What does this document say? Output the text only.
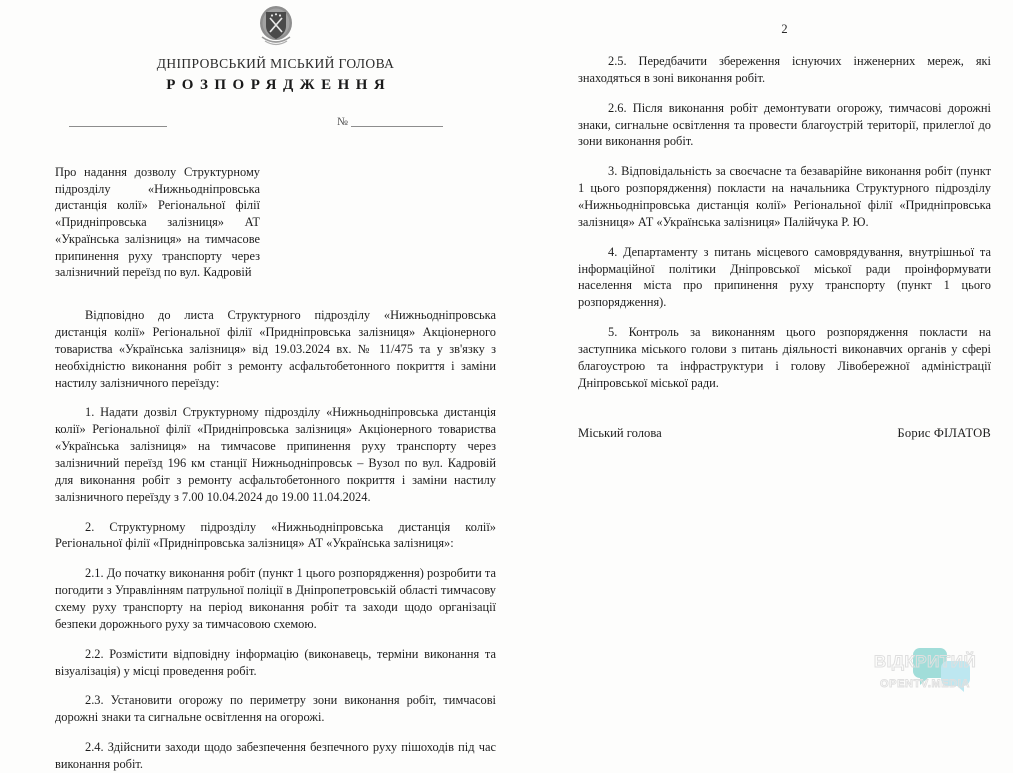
ДНІПРОВСЬКИЙ МІСЬКИЙ ГОЛОВА
РОЗПОРЯДЖЕННЯ
№
Про надання дозволу Структурному підрозділу «Нижньодніпровська дистанція колії» Регіональної філії «Придніпровська залізниця» АТ «Українська залізниця» на тимчасове припинення руху транспорту через залізничний переїзд по вул. Кадровій

Відповідно до листа Структурного підрозділу «Нижньодніпровська дистанція колії» Регіональної філії «Придніпровська залізниця» Акціонерного товариства «Українська залізниця» від 19.03.2024 вх. № 11/475 та у зв'язку з необхідністю виконання робіт з ремонту асфальтобетонного покриття і заміни настилу залізничного переїзду:

1. Надати дозвіл Структурному підрозділу «Нижньодніпровська дистанція колії» Регіональної філії «Придніпровська залізниця» Акціонерного товариства «Українська залізниця» на тимчасове припинення руху транспорту через залізничний переїзд 196 км станції Нижньодніпровськ – Вузол по вул. Кадровій для виконання робіт з ремонту асфальтобетонного покриття і заміни настилу залізничного переїзду з 7.00 10.04.2024 до 19.00 11.04.2024.

2. Структурному підрозділу «Нижньодніпровська дистанція колії» Регіональної філії «Придніпровська залізниця» АТ «Українська залізниця»:

2.1. До початку виконання робіт (пункт 1 цього розпорядження) розробити та погодити з Управлінням патрульної поліції в Дніпропетровській області тимчасову схему руху транспорту на період виконання робіт та заходи щодо організації безпеки дорожнього руху за тимчасовою схемою.

2.2. Розмістити відповідну інформацію (виконавець, терміни виконання та візуалізація) у місці проведення робіт.

2.3. Установити огорожу по периметру зони виконання робіт, тимчасові дорожні знаки та сигнальне освітлення на огорожі.

2.4. Здійснити заходи щодо забезпечення безпечного руху пішоходів під час виконання робіт.

2

2.5. Передбачити збереження існуючих інженерних мереж, які знаходяться в зоні виконання робіт.

2.6. Після виконання робіт демонтувати огорожу, тимчасові дорожні знаки, сигнальне освітлення та провести благоустрій території, прилеглої до зони виконання робіт.

3. Відповідальність за своєчасне та безаварійне виконання робіт (пункт 1 цього розпорядження) покласти на начальника Структурного підрозділу «Нижньодніпровська дистанція колії» Регіональної філії «Придніпровська залізниця» АТ «Українська залізниця» Палійчука Р. Ю.

4. Департаменту з питань місцевого самоврядування, внутрішньої та інформаційної політики Дніпровської міської ради проінформувати населення міста про припинення руху транспорту (пункт 1 цього розпорядження).

5. Контроль за виконанням цього розпорядження покласти на заступника міського голови з питань діяльності виконавчих органів у сфері благоустрою та інфраструктури і голову Лівобережної адміністрації Дніпровської міської ради.

Міський голова	Борис ФІЛАТОВ
ВІДКРИТИЙ
OPENTV.MEDIA
